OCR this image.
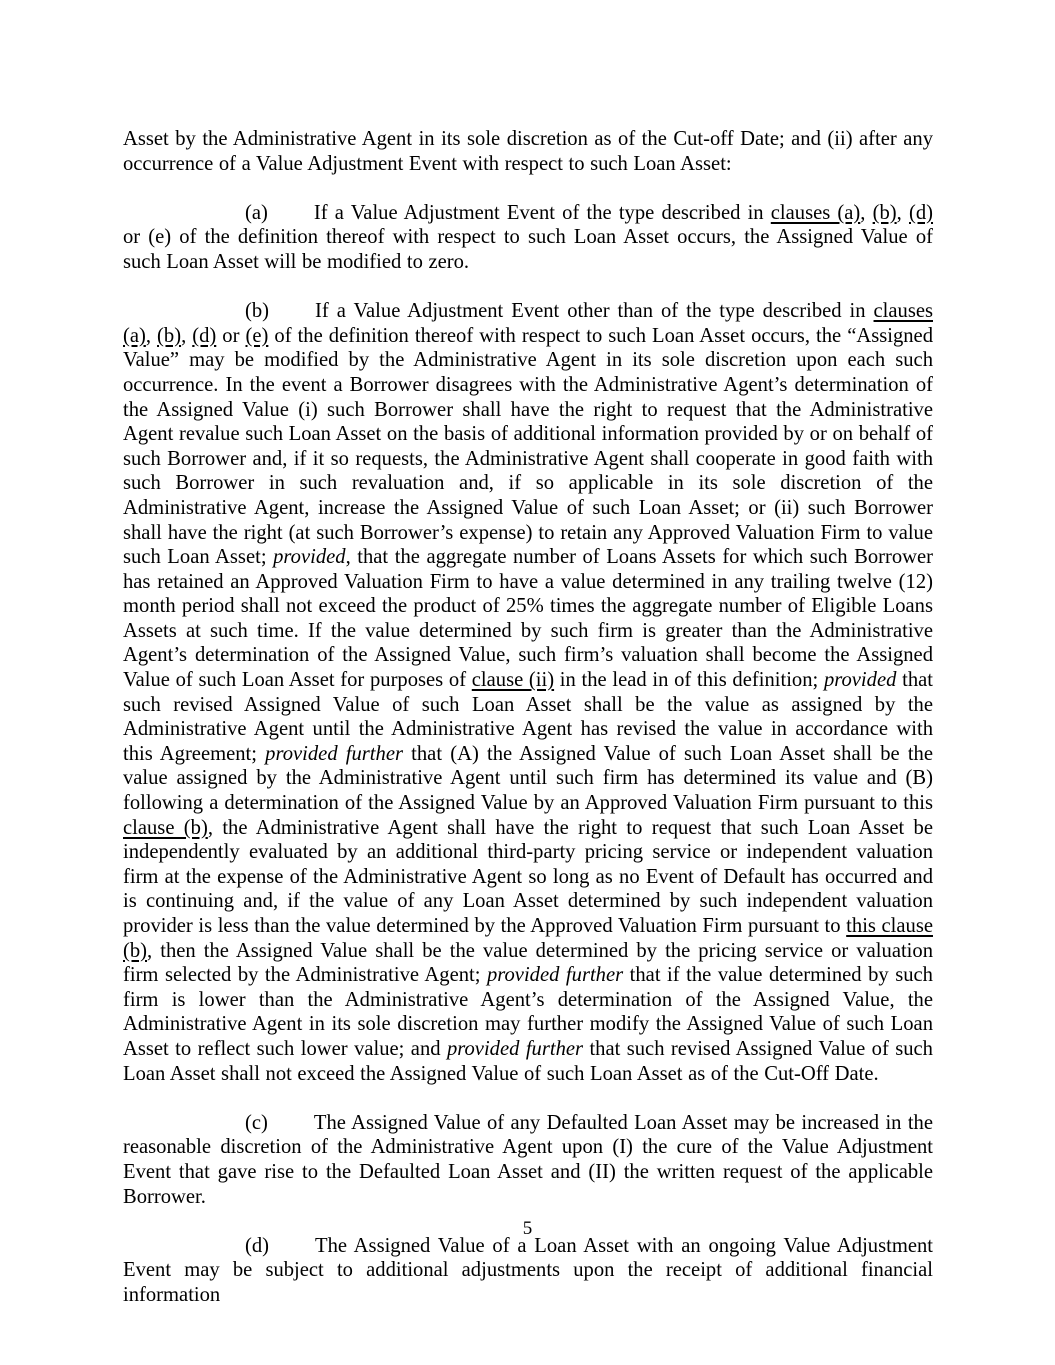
Asset by the Administrative Agent in its sole discretion as of the Cut-off Date; and (ii) after any occurrence of a Value Adjustment Event with respect to such Loan Asset:

(a) If a Value Adjustment Event of the type described in clauses (a), (b), (d) or (e) of the definition thereof with respect to such Loan Asset occurs, the Assigned Value of such Loan Asset will be modified to zero.

(b) If a Value Adjustment Event other than of the type described in clauses (a), (b), (d) or (e) of the definition thereof with respect to such Loan Asset occurs, the “Assigned Value” may be modified by the Administrative Agent in its sole discretion upon each such occurrence. In the event a Borrower disagrees with the Administrative Agent’s determination of the Assigned Value (i) such Borrower shall have the right to request that the Administrative Agent revalue such Loan Asset on the basis of additional information provided by or on behalf of such Borrower and, if it so requests, the Administrative Agent shall cooperate in good faith with such Borrower in such revaluation and, if so applicable in its sole discretion of the Administrative Agent, increase the Assigned Value of such Loan Asset; or (ii) such Borrower shall have the right (at such Borrower’s expense) to retain any Approved Valuation Firm to value such Loan Asset; provided, that the aggregate number of Loans Assets for which such Borrower has retained an Approved Valuation Firm to have a value determined in any trailing twelve (12) month period shall not exceed the product of 25% times the aggregate number of Eligible Loans Assets at such time. If the value determined by such firm is greater than the Administrative Agent’s determination of the Assigned Value, such firm’s valuation shall become the Assigned Value of such Loan Asset for purposes of clause (ii) in the lead in of this definition; provided that such revised Assigned Value of such Loan Asset shall be the value as assigned by the Administrative Agent until the Administrative Agent has revised the value in accordance with this Agreement; provided further that (A) the Assigned Value of such Loan Asset shall be the value assigned by the Administrative Agent until such firm has determined its value and (B) following a determination of the Assigned Value by an Approved Valuation Firm pursuant to this clause (b), the Administrative Agent shall have the right to request that such Loan Asset be independently evaluated by an additional third-party pricing service or independent valuation firm at the expense of the Administrative Agent so long as no Event of Default has occurred and is continuing and, if the value of any Loan Asset determined by such independent valuation provider is less than the value determined by the Approved Valuation Firm pursuant to this clause (b), then the Assigned Value shall be the value determined by the pricing service or valuation firm selected by the Administrative Agent; provided further that if the value determined by such firm is lower than the Administrative Agent’s determination of the Assigned Value, the Administrative Agent in its sole discretion may further modify the Assigned Value of such Loan Asset to reflect such lower value; and provided further that such revised Assigned Value of such Loan Asset shall not exceed the Assigned Value of such Loan Asset as of the Cut-Off Date.

(c) The Assigned Value of any Defaulted Loan Asset may be increased in the reasonable discretion of the Administrative Agent upon (I) the cure of the Value Adjustment Event that gave rise to the Defaulted Loan Asset and (II) the written request of the applicable Borrower.

(d) The Assigned Value of a Loan Asset with an ongoing Value Adjustment Event may be subject to additional adjustments upon the receipt of additional financial information

5
